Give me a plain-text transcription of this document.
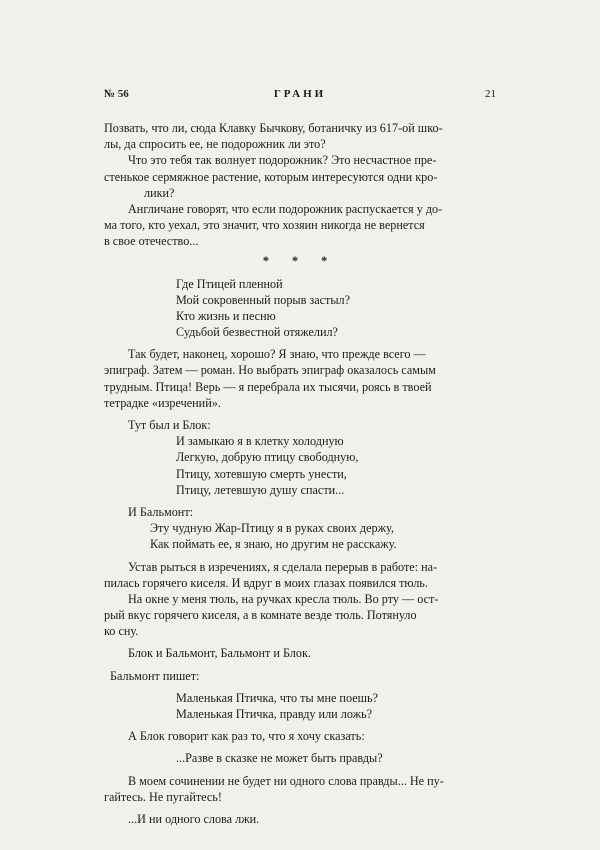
№ 56	ГРАНИ	21
Позвать, что ли, сюда Клавку Бычкову, ботаничку из 617-ой шко-
лы, да спросить ее, не подорожник ли это?
Что это тебя так волнует подорожник? Это несчастное пре-
стенькое сермяжное растение, которым интересуются одни кро-
лики?
Англичане говорят, что если подорожник распускается у до-
ма того, кто уехал, это значит, что хозяин никогда не вернется
в свое отечество...
* * *
Где Птицей пленной
Мой сокровенный порыв застыл?
Кто жизнь и песню
Судьбой безвестной отяжелил?
Так будет, наконец, хорошо? Я знаю, что прежде всего —
эпиграф. Затем — роман. Но выбрать эпиграф оказалось самым
трудным. Птица! Верь — я перебрала их тысячи, роясь в твоей
тетрадке «изречений».
Тут был и Блок:
И замыкаю я в клетку холодную
Легкую, добрую птицу свободную,
Птицу, хотевшую смерть унести,
Птицу, летевшую душу спасти...
И Бальмонт:
Эту чудную Жар-Птицу я в руках своих держу,
Как поймать ее, я знаю, но другим не расскажу.
Устав рыться в изречениях, я сделала перерыв в работе: на-
пилась горячего киселя. И вдруг в моих глазах появился тюль.
На окне у меня тюль, на ручках кресла тюль. Во рту — ост-
рый вкус горячего киселя, а в комнате везде тюль. Потянуло
ко сну.
Блок и Бальмонт, Бальмонт и Блок.
Бальмонт пишет:
Маленькая Птичка, что ты мне поешь?
Маленькая Птичка, правду или ложь?
А Блок говорит как раз то, что я хочу сказать:
...Разве в сказке не может быть правды?
В моем сочинении не будет ни одного слова правды... Не пу-
гайтесь. Не пугайтесь!
...И ни одного слова лжи.
